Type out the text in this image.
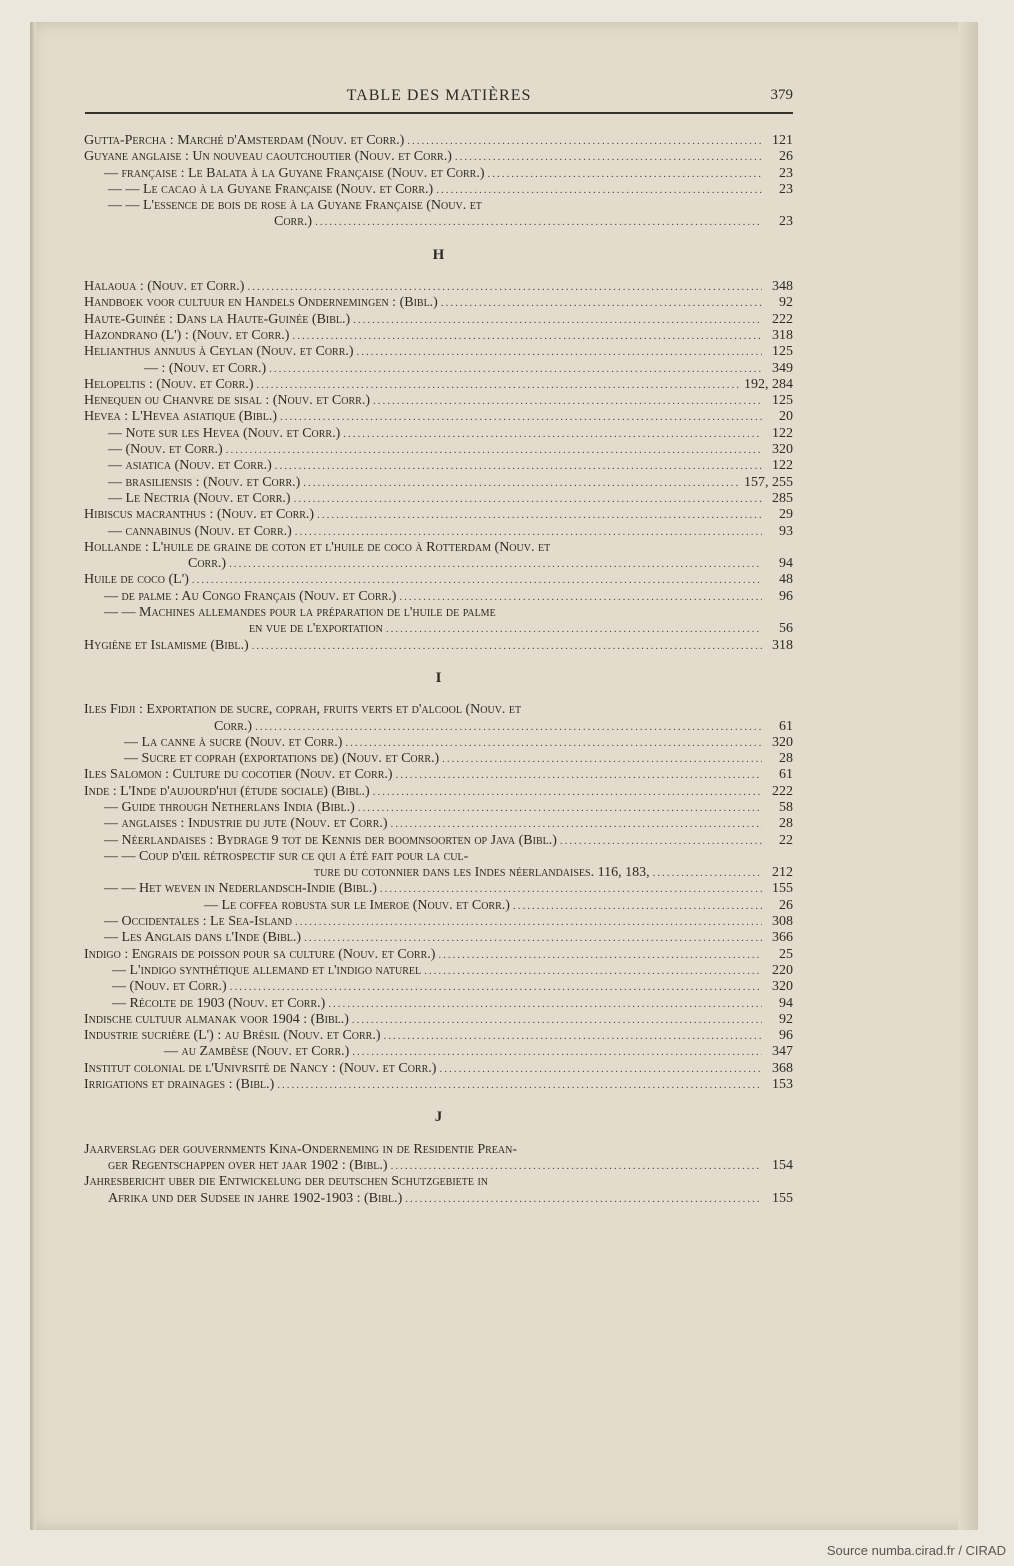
TABLE DES MATIÈRES	379
Gutta-Percha : Marché d'Amsterdam (Nouv. et Corr.) .....	121
Guyane anglaise : Un nouveau caoutchoutier (Nouv. et Corr.) .....	26
— française : Le Balata à la Guyane Française (Nouv. et Corr.) .....	23
— — Le cacao à la Guyane Française (Nouv. et Corr.) .....	23
— — L'essence de bois de rose à la Guyane Française (Nouv. et
Corr.) .....	23
H
Halaoua : (Nouv. et Corr.) .....	348
Handboek voor cultuur en Handels Ondernemingen : (Bibl.) .....	92
Haute-Guinée : Dans la Haute-Guinée (Bibl.) .....	222
Hazondrano (L') : (Nouv. et Corr.) .....	318
Helianthus annuus à Ceylan (Nouv. et Corr.) .....	125
— : (Nouv. et Corr.) .....	349
Helopeltis : (Nouv. et Corr.) .....	192, 284
Henequen ou Chanvre de sisal : (Nouv. et Corr.) .....	125
Hevea : L'Hevea asiatique (Bibl.) .....	20
— Note sur les Hevea (Nouv. et Corr.) .....	122
— (Nouv. et Corr.) .....	320
— asiatica (Nouv. et Corr.) .....	122
— brasiliensis : (Nouv. et Corr.) .....	157, 255
— Le Nectria (Nouv. et Corr.) .....	285
Hibiscus macranthus : (Nouv. et Corr.) .....	29
— cannabinus (Nouv. et Corr.) .....	93
Hollande : L'huile de graine de coton et l'huile de coco à Rotterdam (Nouv. et
Corr.) .....	94
Huile de coco (L') .....	48
— de palme : Au Congo Français (Nouv. et Corr.) .....	96
— — Machines allemandes pour la préparation de l'huile de palme
en vue de l'exportation .....	56
Hygiène et Islamisme (Bibl.) .....	318
I
Iles Fidji : Exportation de sucre, coprah, fruits verts et d'alcool (Nouv. et
Corr.) .....	61
— La canne à sucre (Nouv. et Corr.) .....	320
— Sucre et coprah (exportations de) (Nouv. et Corr.) .....	28
Iles Salomon : Culture du cocotier (Nouv. et Corr.) .....	61
Inde : L'Inde d'aujourd'hui (étude sociale) (Bibl.) .....	222
— Guide through Netherlans India (Bibl.) .....	58
— anglaises : Industrie du jute (Nouv. et Corr.) .....	28
— Néerlandaises : Bydrage 9 tot de Kennis der boomnsoorten op Java (Bibl.) .....	22
— — Coup d'œil rétrospectif sur ce qui a été fait pour la cul-
ture du cotonnier dans les Indes néerlandaises. 116, 183, .....	212
— — Het weven in Nederlandsch-Indie (Bibl.) .....	155
— Le coffea robusta sur le Imeroe (Nouv. et Corr.) .....	26
— Occidentales : Le Sea-Island .....	308
— Les Anglais dans l'Inde (Bibl.) .....	366
Indigo : Engrais de poisson pour sa culture (Nouv. et Corr.) .....	25
— L'indigo synthétique allemand et l'indigo naturel .....	220
— (Nouv. et Corr.) .....	320
— Récolte de 1903 (Nouv. et Corr.) .....	94
Indische cultuur almanak voor 1904 : (Bibl.) .....	92
Industrie sucrière (L') : au Brésil (Nouv. et Corr.) .....	96
— au Zambèse (Nouv. et Corr.) .....	347
Institut colonial de l'Univrsité de Nancy : (Nouv. et Corr.) .....	368
Irrigations et drainages : (Bibl.) .....	153
J
Jaarverslag der gouvernments Kina-Onderneming in de Residentie Prean-
ger Regentschappen over het jaar 1902 : (Bibl.) .....	154
Jahresbericht uber die Entwickelung der deutschen Schutzgebiete in
Afrika und der Sudsee in jahre 1902-1903 : (Bibl.) .....	155
Source numba.cirad.fr / CIRAD
